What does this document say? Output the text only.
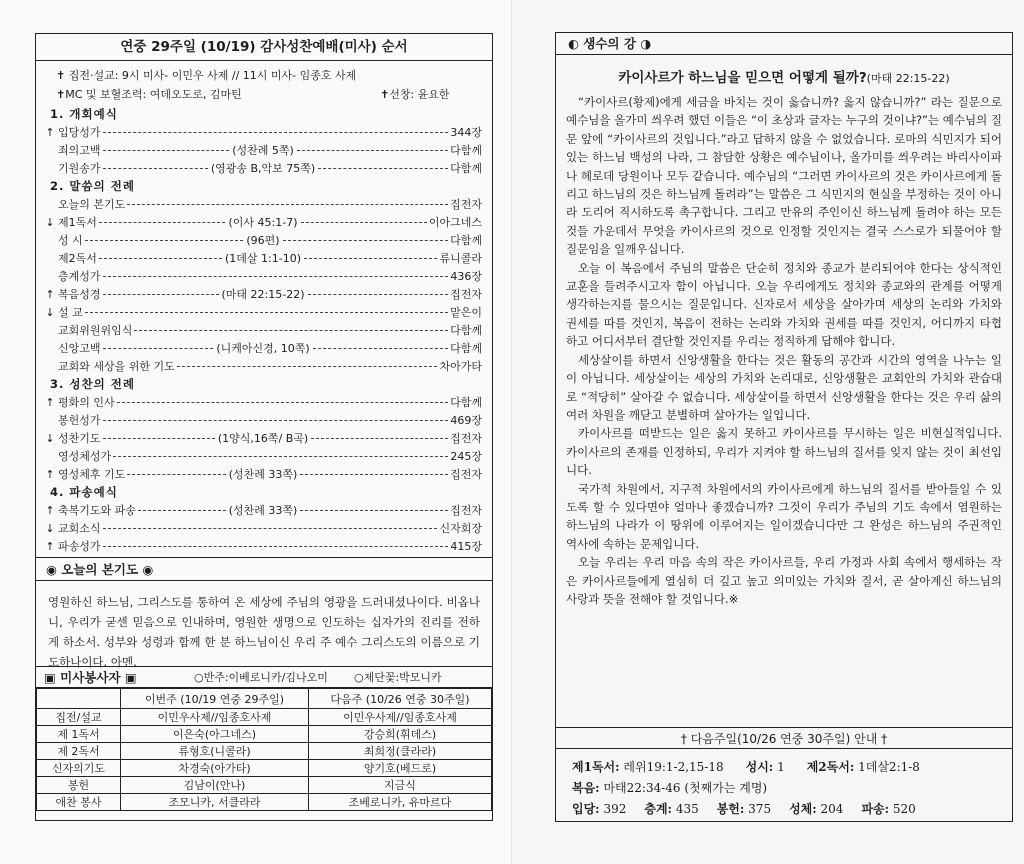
연중 29주일 (10/19) 감사성찬예배(미사) 순서
✝ 집전·설교: 9시 미사- 이민우 사제 // 11시 미사- 임종호 사제
✝MC 및 보혈조력: 여데오도로, 김마틴	✝선창: 윤요한
1. 개회예식
2. 말씀의 전례
3. 성찬의 전례
4. 파송예식
↑ 입당성가	344장
죄의고백	(성찬례 5쪽)	다함께
기원송가	(영광송 B,악보 75쪽)	다함께
오늘의 본기도	집전자
↓ 제1독서	(이사 45:1-7)	이아그네스
성 시	(96편)	다함께
제2독서	(1데살 1:1-10)	류니콜라
층계성가	436장
↑ 복음성경	(마태 22:15-22)	집전자
↓ 설 교	맡은이
교회위원위임식	다함께
신앙고백	(니케아신경, 10쪽)	다함께
교회와 세상을 위한 기도	차아가타
↑ 평화의 인사	다함께
봉헌성가	469장
↓ 성찬기도	(1양식,16쪽/ B곡)	집전자
영성체성가	245장
↑ 영성체후 기도	(성찬례 33쪽)	집전자
↑ 축복기도와 파송	(성찬례 33쪽)	집전자
↓ 교회소식	신자회장
↑ 파송성가	415장
◉ 오늘의 본기도 ◉
영원하신 하느님, 그리스도를 통하여 온 세상에 주님의 영광을 드러내셨나이다. 비옵나니, 우리가 굳센 믿음으로 인내하며, 영원한 생명으로 인도하는 십자가의 진리를 전하게 하소서. 성부와 성령과 함께 한 분 하느님이신 우리 주 예수 그리스도의 이름으로 기도하나이다. 아멘.
▣ 미사봉사자 ▣	○반주:이베로니카/김나오미 ○제단꽃:박모니카
	이번주 (10/19 연중 29주일)	다음주 (10/26 연중 30주일)
집전/설교	이민우사제//임종호사제	이민우사제//임종호사제
제 1독서	이은숙(아그네스)	강승희(휘데스)
제 2독서	류형호(니콜라)	최희정(클라라)
신자의기도	차경숙(아가타)	양기호(베드로)
봉헌	김남이(안나)	지금식
애찬 봉사	조모니카, 서클라라	조베로니카, 유마르다
◐ 생수의 강 ◑
카이사르가 하느님을 믿으면 어떻게 될까?(마태 22:15-22)

“카이사르(황제)에게 세금을 바치는 것이 옳습니까? 옳지 않습니까?” 라는 질문으로 예수님을 올가미 씌우려 했던 이들은 “이 초상과 글자는 누구의 것이냐?”는 예수님의 질문 앞에 “카이사르의 것입니다.”라고 답하지 않을 수 없었습니다. 로마의 식민지가 되어있는 하느님 백성의 나라, 그 참담한 상황은 예수님이나, 올가미를 씌우려는 바리사이파나 헤로데 당원이나 모두 같습니다. 예수님의 “그러면 카이사르의 것은 카이사르에게 돌리고 하느님의 것은 하느님께 돌려라”는 말씀은 그 식민지의 현실을 부정하는 것이 아니라 도리어 직시하도록 촉구합니다. 그리고 만유의 주인이신 하느님께 돌려야 하는 모든 것들 가운데서 무엇을 카이사르의 것으로 인정할 것인지는 결국 스스로가 되물어야 할 질문임을 일깨우십니다.

오늘 이 복음에서 주님의 말씀은 단순히 정치와 종교가 분리되어야 한다는 상식적인 교훈을 들려주시고자 함이 아닙니다. 오늘 우리에게도 정치와 종교와의 관계를 어떻게 생각하는지를 물으시는 질문입니다. 신자로서 세상을 살아가며 세상의 논리와 가치와 권세를 따를 것인지, 복음이 전하는 논리와 가치와 권세를 따를 것인지, 어디까지 타협하고 어디서부터 결단할 것인지를 우리는 정직하게 답해야 합니다.

세상살이를 하면서 신앙생활을 한다는 것은 활동의 공간과 시간의 영역을 나누는 일이 아닙니다. 세상살이는 세상의 가치와 논리대로, 신앙생활은 교회안의 가치와 관습대로 “적당히” 살아갈 수 없습니다. 세상살이를 하면서 신앙생활을 한다는 것은 우리 삶의 여러 차원을 깨닫고 분별하며 살아가는 일입니다.

카이사르를 떠받드는 일은 옳지 못하고 카이사르를 무시하는 일은 비현실적입니다. 카이사르의 존재를 인정하되, 우리가 지켜야 할 하느님의 질서를 잊지 않는 것이 최선입니다.

국가적 차원에서, 지구적 차원에서의 카이사르에게 하느님의 질서를 받아들일 수 있도록 할 수 있다면야 얼마나 좋겠습니까? 그것이 우리가 주님의 기도 속에서 염원하는 하느님의 나라가 이 땅위에 이루어지는 일이겠습니다만 그 완성은 하느님의 주권적인 역사에 속하는 문제입니다.

오늘 우리는 우리 마음 속의 작은 카이사르들, 우리 가정과 사회 속에서 행세하는 작은 카이사르들에게 열심히 더 깊고 높고 의미있는 가치와 질서, 곧 살아계신 하느님의 사랑과 뜻을 전해야 할 것입니다.※

† 다음주일(10/26 연중 30주일) 안내 †
제1독서: 레위19:1-2,15-18 성시: 1 제2독서: 1데살2:1-8
복음: 마태22:34-46 (첫째가는 계명)
입당: 392 층계: 435 봉헌: 375 성체: 204 파송: 520
